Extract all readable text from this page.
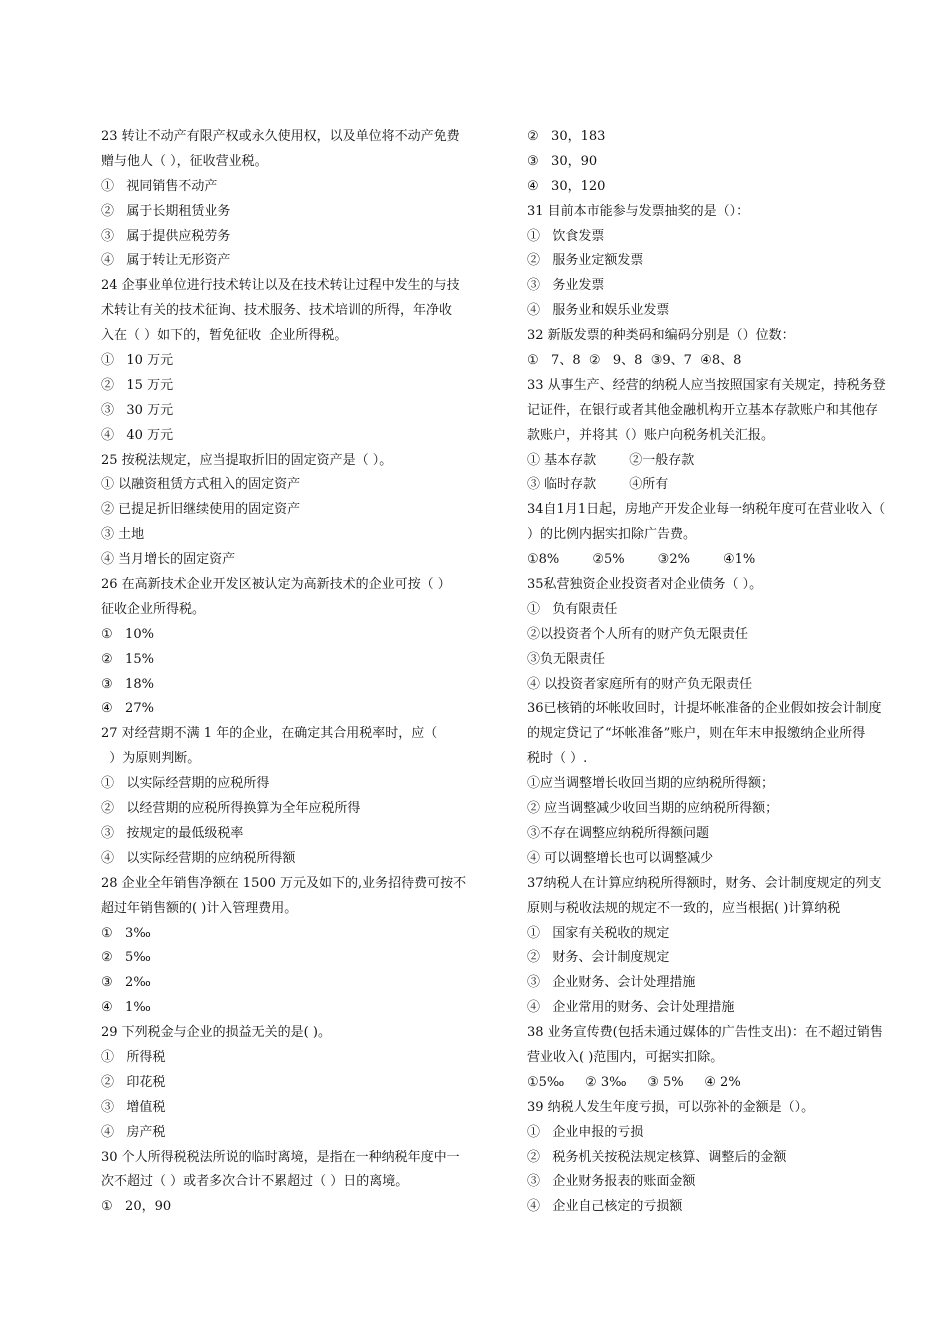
23 转让不动产有限产权或永久使用权，以及单位将不动产免费
赠与他人（ ），征收营业税。
①   视同销售不动产
②   属于长期租赁业务
③   属于提供应税劳务
④   属于转让无形资产
24 企事业单位进行技术转让以及在技术转让过程中发生的与技
术转让有关的技术征询、技术服务、技术培训的所得，年净收
入在（ ）如下的，暂免征收  企业所得税。
①   10 万元
②   15 万元
③   30 万元
④   40 万元
25 按税法规定，应当提取折旧的固定资产是（ ）。
① 以融资租赁方式租入的固定资产
② 已提足折旧继续使用的固定资产
③ 土地
④ 当月增长的固定资产
26 在高新技术企业开发区被认定为高新技术的企业可按（ ）
征收企业所得税。
①   10%
②   15%
③   18%
④   27%
27 对经营期不满 1 年的企业，在确定其合用税率时，应（
）为原则判断。
①   以实际经营期的应税所得
②   以经营期的应税所得换算为全年应税所得
③   按规定的最低级税率
④   以实际经营期的应纳税所得额
28 企业全年销售净额在 1500 万元及如下的,业务招待费可按不
超过年销售额的( )计入管理费用。
①   3‰
②   5‰
③   2‰
④   1‰
29 下列税金与企业的损益无关的是( )。
①   所得税
②   印花税
③   增值税
④   房产税
30 个人所得税税法所说的临时离境，是指在一种纳税年度中一
次不超过（ ）或者多次合计不累超过（ ）日的离境。
①   20，90
②   30，183
③   30，90
④   30，120
31 目前本市能参与发票抽奖的是（）：
①   饮食发票
②   服务业定额发票
③   务业发票
④   服务业和娱乐业发票
32 新版发票的种类码和编码分别是（）位数：
①   7、8  ②   9、8  ③9、7  ④8、8
33 从事生产、经营的纳税人应当按照国家有关规定，持税务登
记证件，在银行或者其他金融机构开立基本存款账户和其他存
款账户，并将其（）账户向税务机关汇报。
① 基本存款        ②一般存款
③ 临时存款        ④所有
34自1月1日起，房地产开发企业每一纳税年度可在营业收入（
）的比例内据实扣除广告费。
①8%        ②5%        ③2%        ④1%
35私营独资企业投资者对企业债务（ ）。
①   负有限责任
②以投资者个人所有的财产负无限责任
③负无限责任
④ 以投资者家庭所有的财产负无限责任
36已核销的坏帐收回时，计提坏帐准备的企业假如按会计制度
的规定贷记了“坏帐准备”账户，则在年末申报缴纳企业所得
税时（ ）.
①应当调整增长收回当期的应纳税所得额；
② 应当调整减少收回当期的应纳税所得额；
③不存在调整应纳税所得额问题
④ 可以调整增长也可以调整减少
37纳税人在计算应纳税所得额时，财务、会计制度规定的列支
原则与税收法规的规定不一致的，应当根据( )计算纳税
①   国家有关税收的规定
②   财务、会计制度规定
③   企业财务、会计处理措施
④   企业常用的财务、会计处理措施
38 业务宣传费(包括未通过媒体的广告性支出)：在不超过销售
营业收入( )范围内，可据实扣除。
①5‰     ② 3‰     ③ 5%     ④ 2%
39 纳税人发生年度亏损，可以弥补的金额是（）。
①   企业申报的亏损
②   税务机关按税法规定核算、调整后的金额
③   企业财务报表的账面金额
④   企业自己核定的亏损额
